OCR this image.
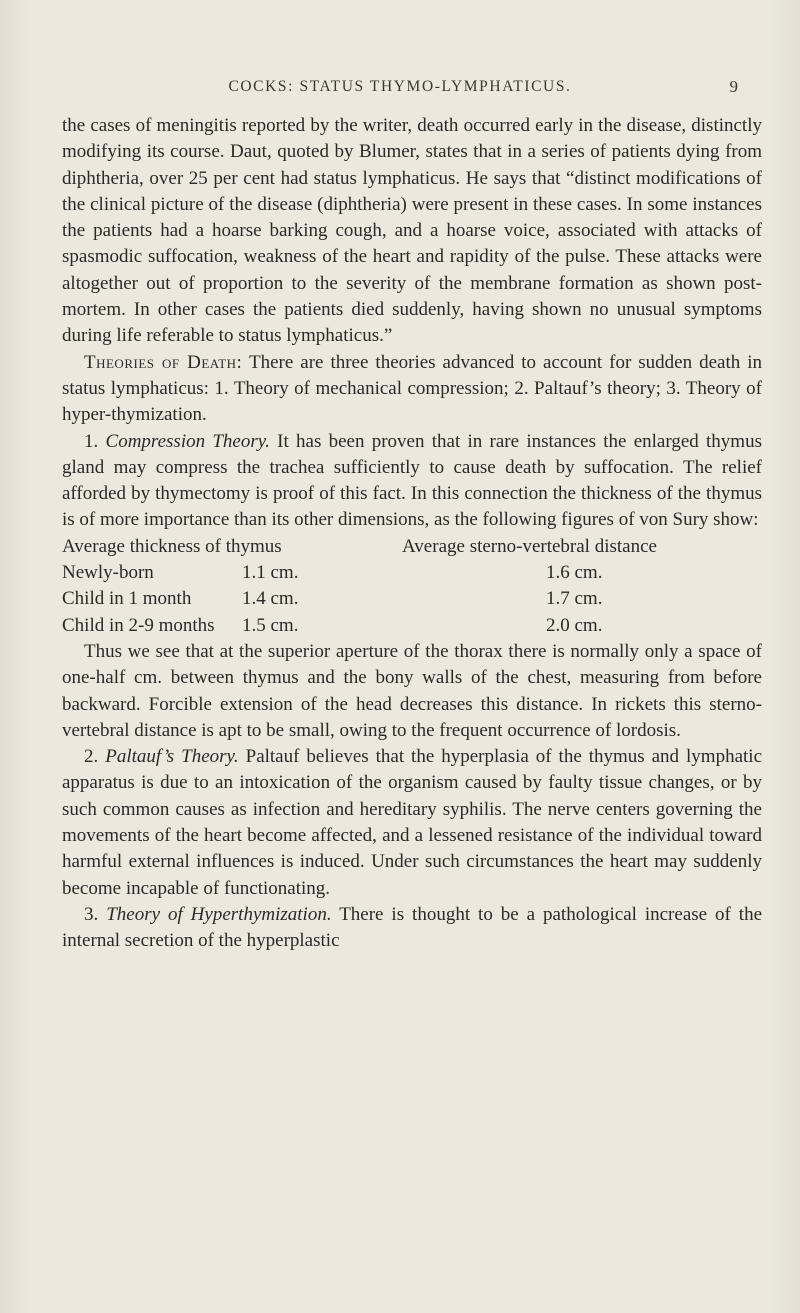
COCKS: STATUS THYMO-LYMPHATICUS.	9

the cases of meningitis reported by the writer, death occurred early in the disease, distinctly modifying its course. Daut, quoted by Blumer, states that in a series of patients dying from diphtheria, over 25 per cent had status lymphaticus. He says that “distinct modifications of the clinical picture of the disease (diphtheria) were present in these cases. In some instances the patients had a hoarse barking cough, and a hoarse voice, associated with attacks of spasmodic suffocation, weakness of the heart and rapidity of the pulse. These attacks were altogether out of proportion to the severity of the membrane formation as shown post-mortem. In other cases the patients died suddenly, having shown no unusual symptoms during life referable to status lymphaticus.”

Theories of Death: There are three theories advanced to account for sudden death in status lymphaticus: 1. Theory of mechanical compression; 2. Paltauf’s theory; 3. Theory of hyper-thymization.

1. Compression Theory. It has been proven that in rare instances the enlarged thymus gland may compress the trachea sufficiently to cause death by suffocation. The relief afforded by thymectomy is proof of this fact. In this connection the thickness of the thymus is of more importance than its other dimensions, as the following figures of von Sury show:

Average thickness of thymus		Average sterno-vertebral distance
Newly-born	1.1 cm.	1.6 cm.
Child in 1 month	1.4 cm.	1.7 cm.
Child in 2-9 months	1.5 cm.	2.0 cm.

Thus we see that at the superior aperture of the thorax there is normally only a space of one-half cm. between thymus and the bony walls of the chest, measuring from before backward. Forcible extension of the head decreases this distance. In rickets this sterno-vertebral distance is apt to be small, owing to the frequent occurrence of lordosis.

2. Paltauf’s Theory. Paltauf believes that the hyperplasia of the thymus and lymphatic apparatus is due to an intoxication of the organism caused by faulty tissue changes, or by such common causes as infection and hereditary syphilis. The nerve centers governing the movements of the heart become affected, and a lessened resistance of the individual toward harmful external influences is induced. Under such circumstances the heart may suddenly become incapable of functionating.

3. Theory of Hyperthymization. There is thought to be a pathological increase of the internal secretion of the hyperplastic
